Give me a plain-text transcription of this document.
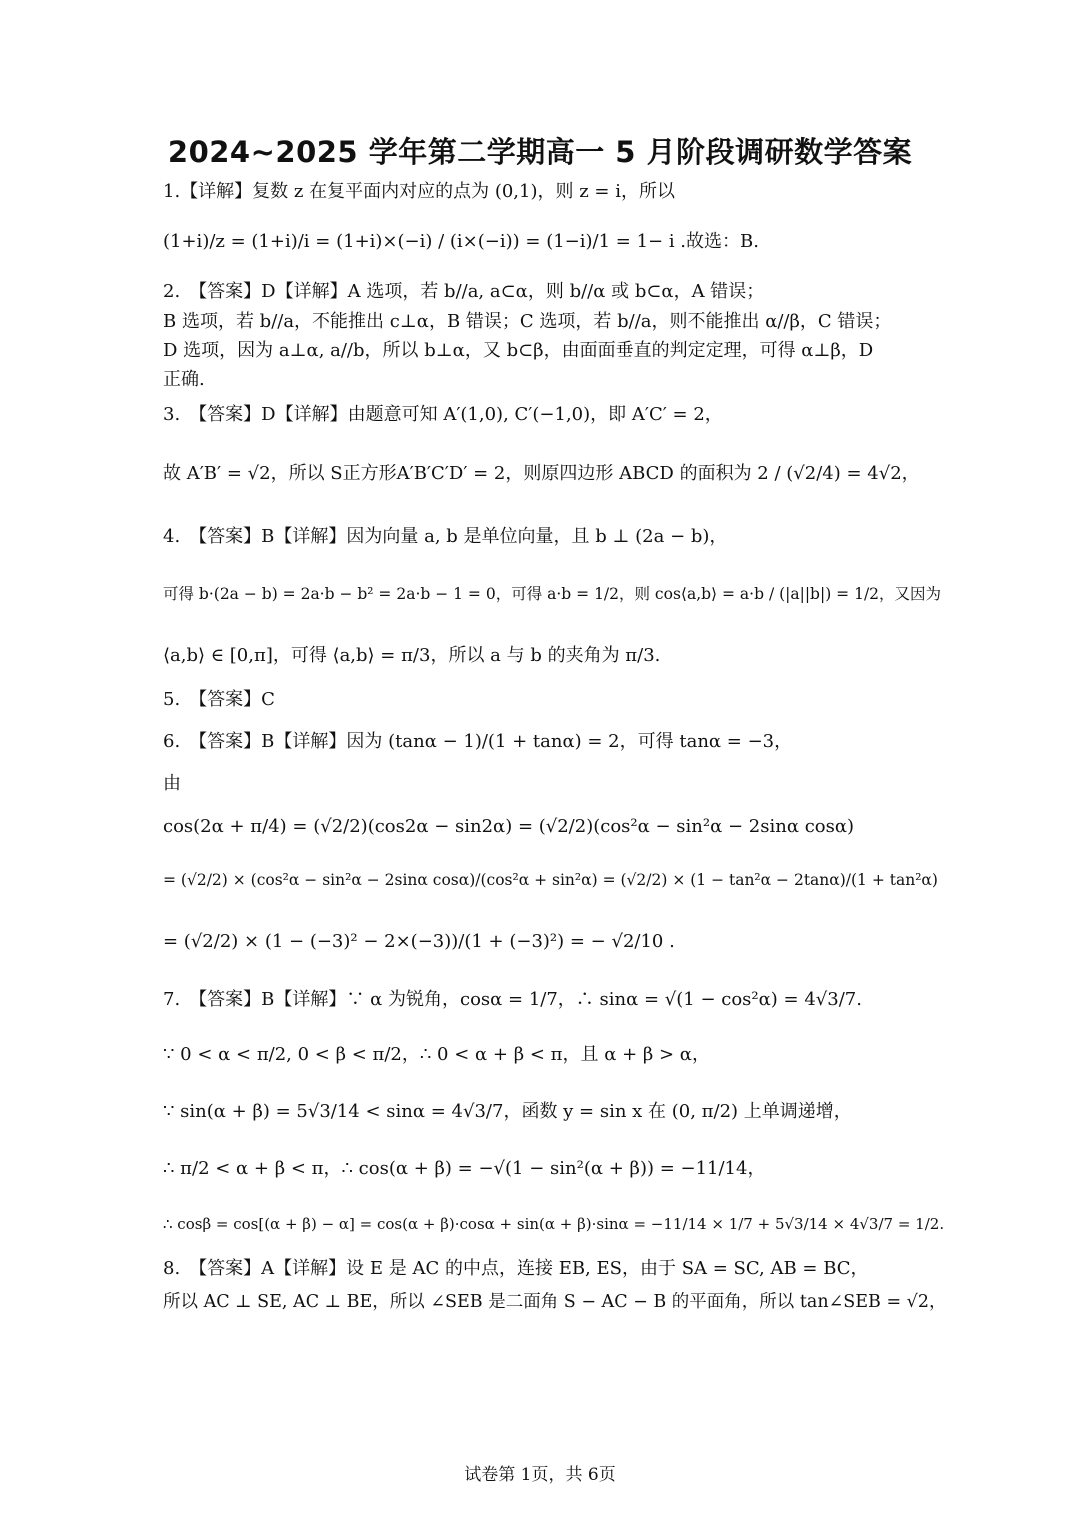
2024~2025 学年第二学期高一 5 月阶段调研数学答案
1.【详解】复数 z 在复平面内对应的点为 (0,1)，则 z = i，所以
(1+i)/z = (1+i)/i = (1+i)×(−i) / (i×(−i)) = (1−i)/1 = 1− i .故选：B.
2.　【答案】D【详解】A 选项，若 b//a, a⊂α，则 b//α 或 b⊂α，A 错误；
B 选项，若 b//a，不能推出 c⊥α，B 错误；C 选项，若 b//a，则不能推出 α//β，C 错误；
D 选项，因为 a⊥α, a//b，所以 b⊥α，又 b⊂β，由面面垂直的判定定理，可得 α⊥β，D
正确.
3.　【答案】D【详解】由题意可知 A′(1,0), C′(−1,0)，即 A′C′ = 2，
故 A′B′ = √2，所以 S正方形A′B′C′D′ = 2，则原四边形 ABCD 的面积为 2 / (√2/4) = 4√2，
4.　【答案】B【详解】因为向量 a, b 是单位向量，且 b ⊥ (2a − b)，
可得 b·(2a − b) = 2a·b − b² = 2a·b − 1 = 0，可得 a·b = 1/2，则 cos⟨a,b⟩ = a·b / (|a||b|) = 1/2，又因为
⟨a,b⟩ ∈ [0,π]，可得 ⟨a,b⟩ = π/3，所以 a 与 b 的夹角为 π/3.
5.　【答案】C
6.　【答案】B【详解】因为 (tanα − 1)/(1 + tanα) = 2，可得 tanα = −3，
由
cos(2α + π/4) = (√2/2)(cos2α − sin2α) = (√2/2)(cos²α − sin²α − 2sinα cosα)
= (√2/2) × (cos²α − sin²α − 2sinα cosα)/(cos²α + sin²α) = (√2/2) × (1 − tan²α − 2tanα)/(1 + tan²α)
= (√2/2) × (1 − (−3)² − 2×(−3))/(1 + (−3)²) = − √2/10 .
7.　【答案】B【详解】∵ α 为锐角，cosα = 1/7，∴ sinα = √(1 − cos²α) = 4√3/7.
∵ 0 < α < π/2, 0 < β < π/2，∴ 0 < α + β < π，且 α + β > α，
∵ sin(α + β) = 5√3/14 < sinα = 4√3/7，函数 y = sin x 在 (0, π/2) 上单调递增，
∴ π/2 < α + β < π，∴ cos(α + β) = −√(1 − sin²(α + β)) = −11/14，
∴ cosβ = cos[(α + β) − α] = cos(α + β)·cosα + sin(α + β)·sinα = −11/14 × 1/7 + 5√3/14 × 4√3/7 = 1/2.
8.　【答案】A【详解】设 E 是 AC 的中点，连接 EB, ES，由于 SA = SC, AB = BC，
所以 AC ⊥ SE, AC ⊥ BE，所以 ∠SEB 是二面角 S − AC − B 的平面角，所以 tan∠SEB = √2，
试卷第 1页，共 6页
